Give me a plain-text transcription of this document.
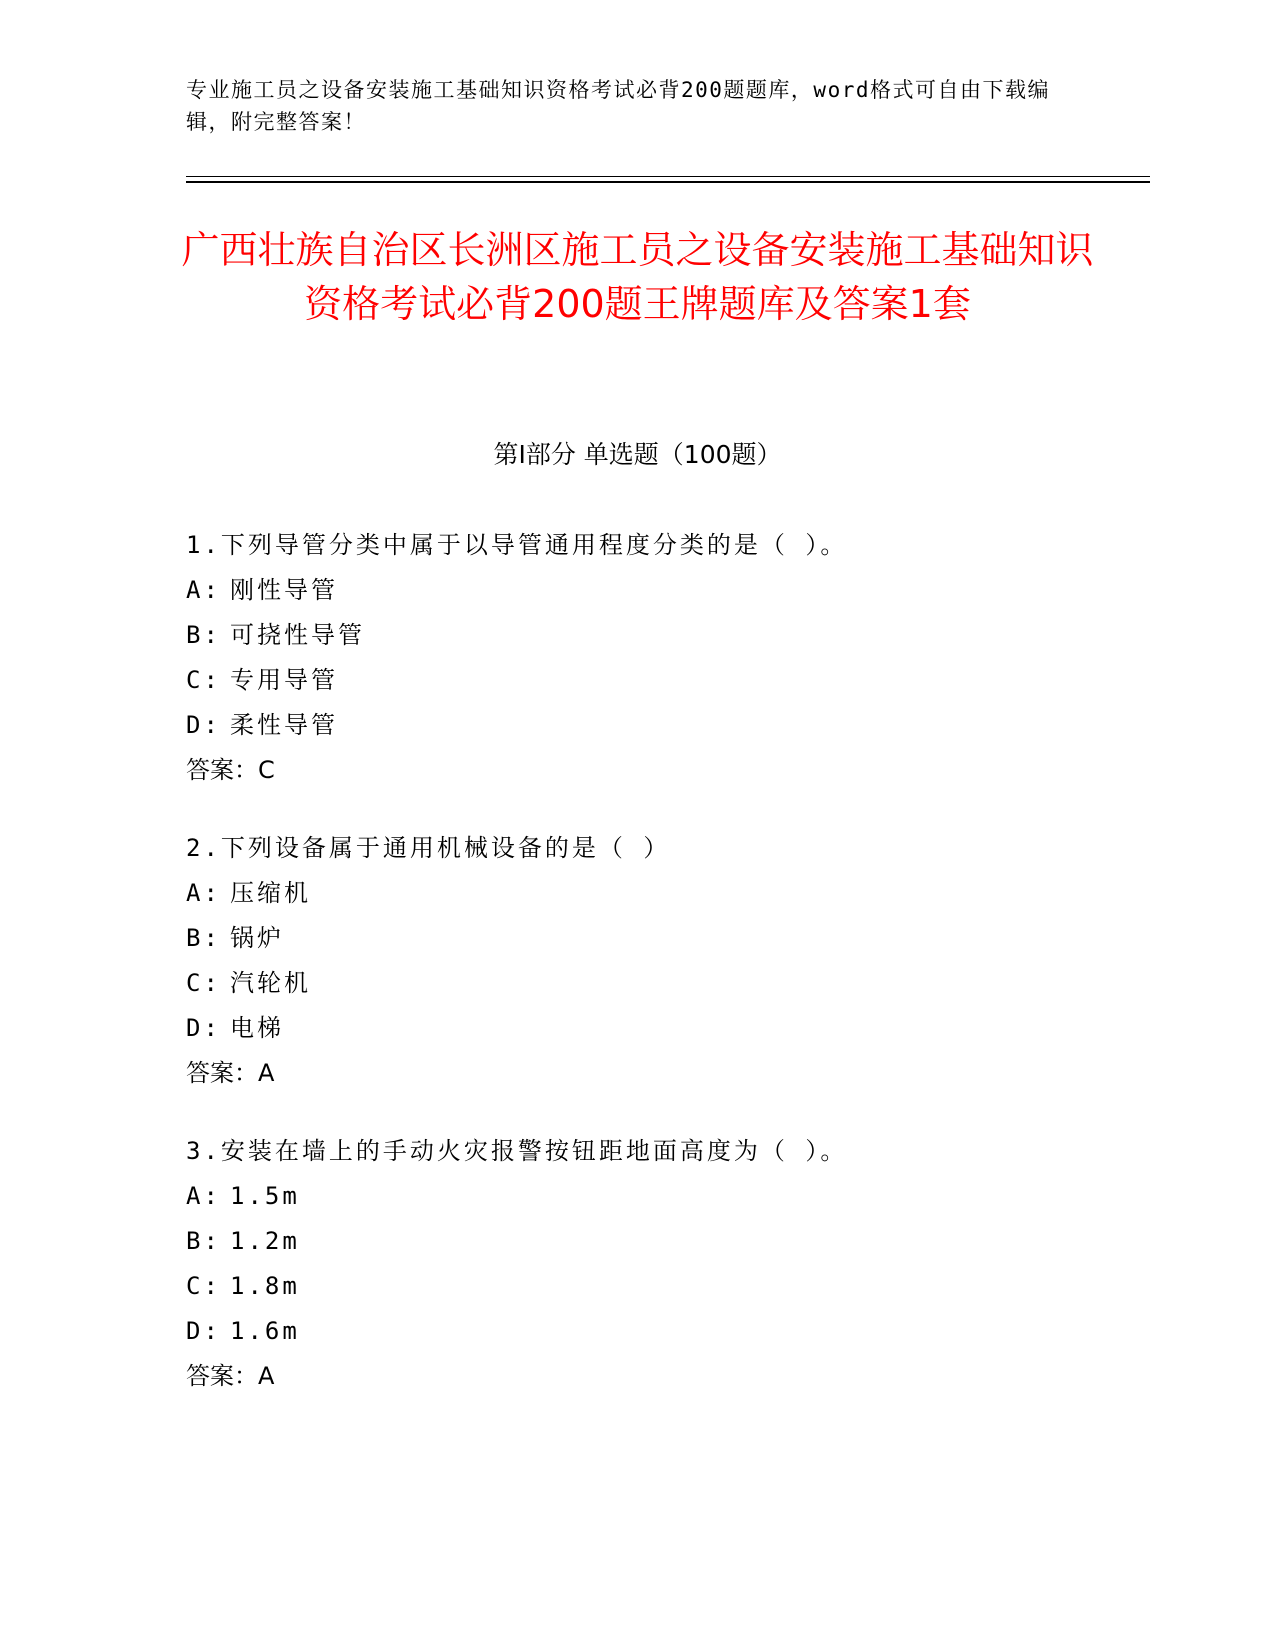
专业施工员之设备安装施工基础知识资格考试必背200题题库，word格式可自由下载编辑，附完整答案！
广西壮族自治区长洲区施工员之设备安装施工基础知识资格考试必背200题王牌题库及答案1套
第Ⅰ部分 单选题（100题）
1.下列导管分类中属于以导管通用程度分类的是（ ）。
A: 刚性导管
B: 可挠性导管
C: 专用导管
D: 柔性导管
答案：C
2.下列设备属于通用机械设备的是（ ）
A: 压缩机
B: 锅炉
C: 汽轮机
D: 电梯
答案：A
3.安装在墙上的手动火灾报警按钮距地面高度为（ ）。
A: 1.5m
B: 1.2m
C: 1.8m
D: 1.6m
答案：A
